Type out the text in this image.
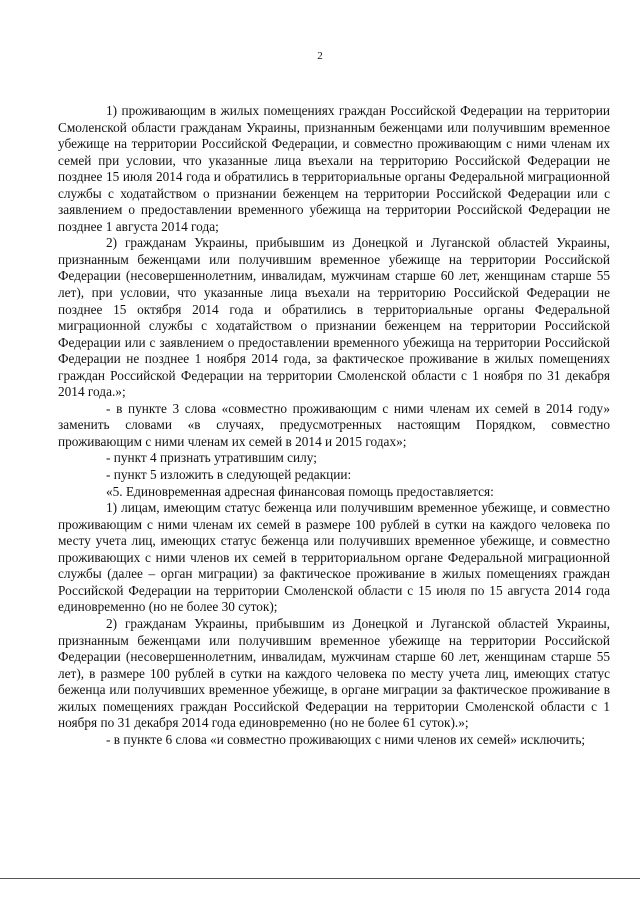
2

1) проживающим в жилых помещениях граждан Российской Федерации на территории Смоленской области гражданам Украины, признанным беженцами или получившим временное убежище на территории Российской Федерации, и совместно проживающим с ними членам их семей при условии, что указанные лица въехали на территорию Российской Федерации не позднее 15 июля 2014 года и обратились в территориальные органы Федеральной миграционной службы с ходатайством о признании беженцем на территории Российской Федерации или с заявлением о предоставлении временного убежища на территории Российской Федерации не позднее 1 августа 2014 года;

2) гражданам Украины, прибывшим из Донецкой и Луганской областей Украины, признанным беженцами или получившим временное убежище на территории Российской Федерации (несовершеннолетним, инвалидам, мужчинам старше 60 лет, женщинам старше 55 лет), при условии, что указанные лица въехали на территорию Российской Федерации не позднее 15 октября 2014 года и обратились в территориальные органы Федеральной миграционной службы с ходатайством о признании беженцем на территории Российской Федерации или с заявлением о предоставлении временного убежища на территории Российской Федерации не позднее 1 ноября 2014 года, за фактическое проживание в жилых помещениях граждан Российской Федерации на территории Смоленской области с 1 ноября по 31 декабря 2014 года.»;

- в пункте 3 слова «совместно проживающим с ними членам их семей в 2014 году» заменить словами «в случаях, предусмотренных настоящим Порядком, совместно проживающим с ними членам их семей в 2014 и 2015 годах»;

- пункт 4 признать утратившим силу;

- пункт 5 изложить в следующей редакции:

«5. Единовременная адресная финансовая помощь предоставляется:

1) лицам, имеющим статус беженца или получившим временное убежище, и совместно проживающим с ними членам их семей в размере 100 рублей в сутки на каждого человека по месту учета лиц, имеющих статус беженца или получивших временное убежище, и совместно проживающих с ними членов их семей в территориальном органе Федеральной миграционной службы (далее – орган миграции) за фактическое проживание в жилых помещениях граждан Российской Федерации на территории Смоленской области с 15 июля по 15 августа 2014 года единовременно (но не более 30 суток);

2) гражданам Украины, прибывшим из Донецкой и Луганской областей Украины, признанным беженцами или получившим временное убежище на территории Российской Федерации (несовершеннолетним, инвалидам, мужчинам старше 60 лет, женщинам старше 55 лет), в размере 100 рублей в сутки на каждого человека по месту учета лиц, имеющих статус беженца или получивших временное убежище, в органе миграции за фактическое проживание в жилых помещениях граждан Российской Федерации на территории Смоленской области с 1 ноября по 31 декабря 2014 года единовременно (но не более 61 суток).»;

- в пункте 6 слова «и совместно проживающих с ними членов их семей» исключить;
